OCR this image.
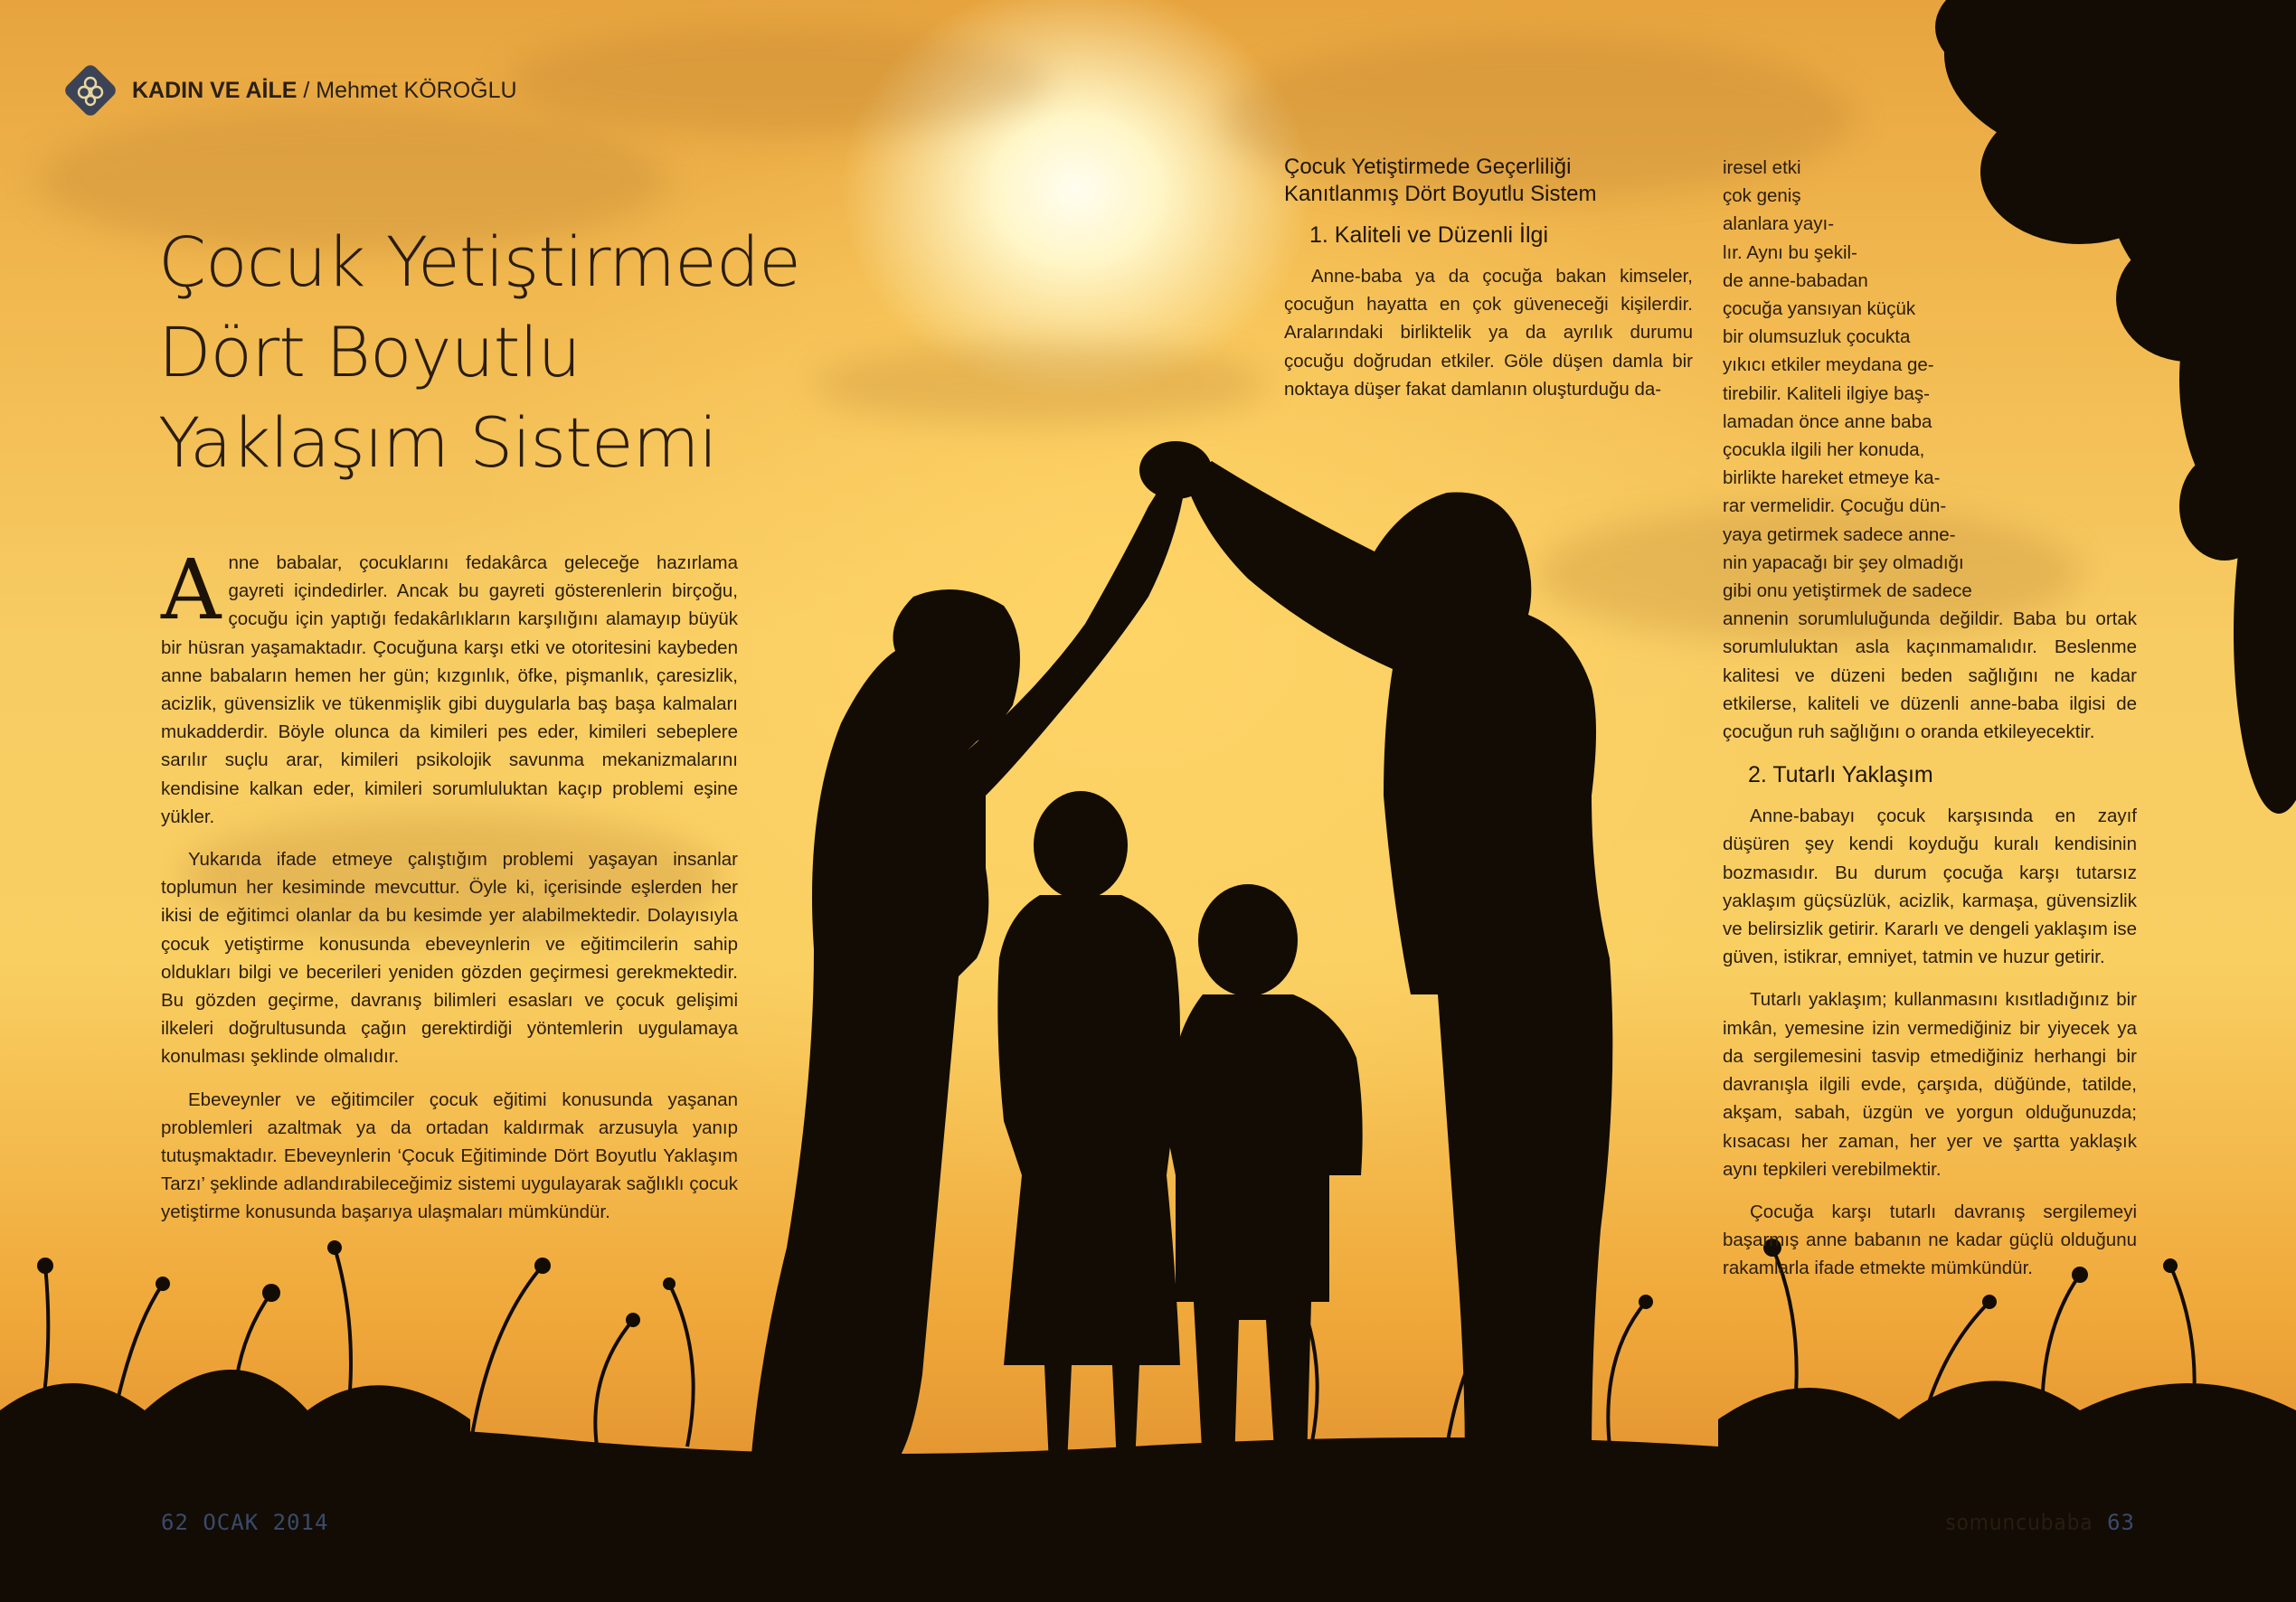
KADIN VE AİLE / Mehmet KÖROĞLU
Çocuk Yetiştirmede
Dört Boyutlu
Yaklaşım Sistemi

Anne babalar, çocuklarını fedakârca geleceğe hazırlama gayreti içindedirler. Ancak bu gayreti gösterenlerin birçoğu, çocuğu için yaptığı fedakârlıkların karşılığını alamayıp büyük bir hüsran yaşamaktadır. Çocuğuna karşı etki ve otoritesini kaybeden anne babaların hemen her gün; kızgınlık, öfke, pişmanlık, çaresizlik, acizlik, güvensizlik ve tükenmişlik gibi duygularla baş başa kalmaları mukadderdir. Böyle olunca da kimileri pes eder, kimileri sebeplere sarılır suçlu arar, kimileri psikolojik savunma mekanizmalarını kendisine kalkan eder, kimileri sorumluluktan kaçıp problemi eşine yükler.

Yukarıda ifade etmeye çalıştığım problemi yaşayan insanlar toplumun her kesiminde mevcuttur. Öyle ki, içerisinde eşlerden her ikisi de eğitimci olanlar da bu kesimde yer alabilmektedir. Dolayısıyla çocuk yetiştirme konusunda ebeveynlerin ve eğitimcilerin sahip oldukları bilgi ve becerileri yeniden gözden geçirmesi gerekmektedir. Bu gözden geçirme, davranış bilimleri esasları ve çocuk gelişimi ilkeleri doğrultusunda çağın gerektirdiği yöntemlerin uygulamaya konulması şeklinde olmalıdır.

Ebeveynler ve eğitimciler çocuk eğitimi konusunda yaşanan problemleri azaltmak ya da ortadan kaldırmak arzusuyla yanıp tutuşmaktadır. Ebeveynlerin ‘Çocuk Eğitiminde Dört Boyutlu Yaklaşım Tarzı’ şeklinde adlandırabileceğimiz sistemi uygulayarak sağlıklı çocuk yetiştirme konusunda başarıya ulaşmaları mümkündür.

Çocuk Yetiştirmede Geçerliliği
Kanıtlanmış Dört Boyutlu Sistem
1. Kaliteli ve Düzenli İlgi

Anne-baba ya da çocuğa bakan kimseler, çocuğun hayatta en çok güveneceği kişilerdir. Aralarındaki birliktelik ya da ayrılık durumu çocuğu doğrudan etkiler. Göle düşen damla bir noktaya düşer fakat damlanın oluşturduğu da-

iresel etki
çok geniş
alanlara yayı-
lır. Aynı bu şekil-
de anne-babadan
çocuğa yansıyan küçük
bir olumsuzluk çocukta
yıkıcı etkiler meydana ge-
tirebilir. Kaliteli ilgiye baş-
lamadan önce anne baba
çocukla ilgili her konuda,
birlikte hareket etmeye ka-
rar vermelidir. Çocuğu dün-
yaya getirmek sadece anne-
nin yapacağı bir şey olmadığı
gibi onu yetiştirmek de sadece

annenin sorumluluğunda değildir. Baba bu ortak sorumluluktan asla kaçınmamalıdır. Beslenme kalitesi ve düzeni beden sağlığını ne kadar etkilerse, kaliteli ve düzenli anne-baba ilgisi de çocuğun ruh sağlığını o oranda etkileyecektir.

2. Tutarlı Yaklaşım

Anne-babayı çocuk karşısında en zayıf düşüren şey kendi koyduğu kuralı kendisinin bozmasıdır. Bu durum çocuğa karşı tutarsız yaklaşım güçsüzlük, acizlik, karmaşa, güvensizlik ve belirsizlik getirir. Kararlı ve dengeli yaklaşım ise güven, istikrar, emniyet, tatmin ve huzur getirir.

Tutarlı yaklaşım; kullanmasını kısıtladığınız bir imkân, yemesine izin vermediğiniz bir yiyecek ya da sergilemesini tasvip etmediğiniz herhangi bir davranışla ilgili evde, çarşıda, düğünde, tatilde, akşam, sabah, üzgün ve yorgun olduğunuzda; kısacası her zaman, her yer ve şartta yaklaşık aynı tepkileri verebilmektir.

Çocuğa karşı tutarlı davranış sergilemeyi başarmış anne babanın ne kadar güçlü olduğunu rakamlarla ifade etmekte mümkündür.

62 OCAK 2014	somuncubaba 63
